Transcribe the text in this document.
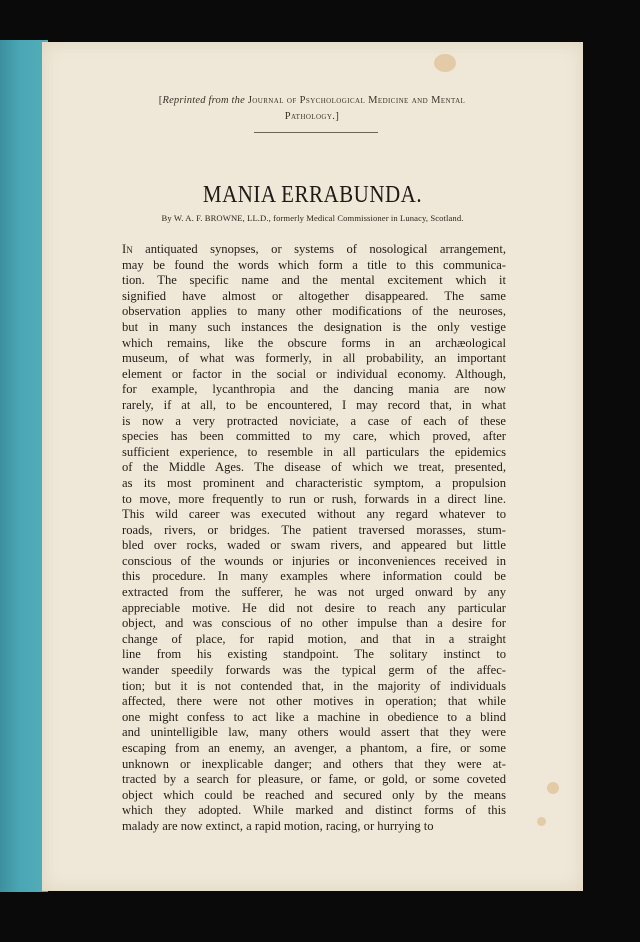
[Reprinted from the Journal of Psychological Medicine and Mental
Pathology.]
MANIA ERRABUNDA.
By W. A. F. BROWNE, LL.D., formerly Medical Commissioner in Lunacy, Scotland.
In antiquated synopses, or systems of nosological arrangement,
may be found the words which form a title to this communica-
tion. The specific name and the mental excitement which it
signified have almost or altogether disappeared. The same
observation applies to many other modifications of the neuroses,
but in many such instances the designation is the only vestige
which remains, like the obscure forms in an archæological
museum, of what was formerly, in all probability, an important
element or factor in the social or individual economy. Although,
for example, lycanthropia and the dancing mania are now
rarely, if at all, to be encountered, I may record that, in what
is now a very protracted noviciate, a case of each of these
species has been committed to my care, which proved, after
sufficient experience, to resemble in all particulars the epidemics
of the Middle Ages. The disease of which we treat, presented,
as its most prominent and characteristic symptom, a propulsion
to move, more frequently to run or rush, forwards in a direct line.
This wild career was executed without any regard whatever to
roads, rivers, or bridges. The patient traversed morasses, stum-
bled over rocks, waded or swam rivers, and appeared but little
conscious of the wounds or injuries or inconveniences received in
this procedure. In many examples where information could be
extracted from the sufferer, he was not urged onward by any
appreciable motive. He did not desire to reach any particular
object, and was conscious of no other impulse than a desire for
change of place, for rapid motion, and that in a straight
line from his existing standpoint. The solitary instinct to
wander speedily forwards was the typical germ of the affec-
tion; but it is not contended that, in the majority of individuals
affected, there were not other motives in operation; that while
one might confess to act like a machine in obedience to a blind
and unintelligible law, many others would assert that they were
escaping from an enemy, an avenger, a phantom, a fire, or some
unknown or inexplicable danger; and others that they were at-
tracted by a search for pleasure, or fame, or gold, or some coveted
object which could be reached and secured only by the means
which they adopted. While marked and distinct forms of this
malady are now extinct, a rapid motion, racing, or hurrying to
